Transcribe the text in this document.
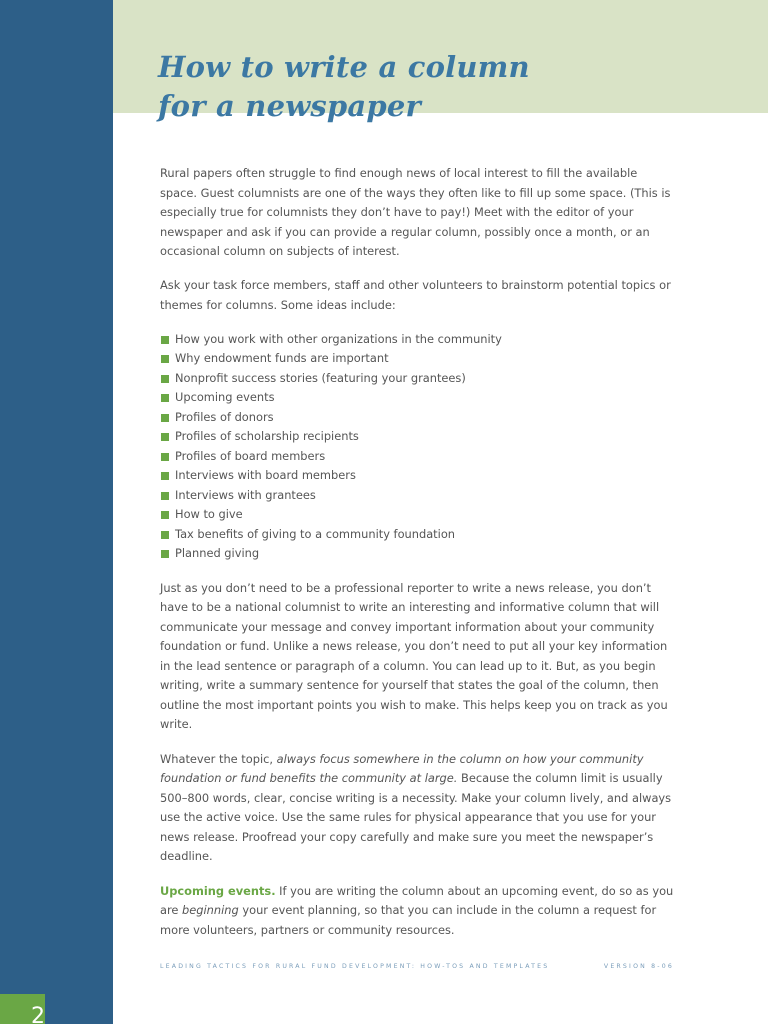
2
How to write a column
for a newspaper

Rural papers often struggle to find enough news of local interest to fill the available space. Guest columnists are one of the ways they often like to fill up some space. (This is especially true for columnists they don’t have to pay!) Meet with the editor of your newspaper and ask if you can provide a regular column, possibly once a month, or an occasional column on subjects of interest.

Ask your task force members, staff and other volunteers to brainstorm potential topics or themes for columns. Some ideas include:

How you work with other organizations in the community
Why endowment funds are important
Nonprofit success stories (featuring your grantees)
Upcoming events
Profiles of donors
Profiles of scholarship recipients
Profiles of board members
Interviews with board members
Interviews with grantees
How to give
Tax benefits of giving to a community foundation
Planned giving

Just as you don’t need to be a professional reporter to write a news release, you don’t have to be a national columnist to write an interesting and informative column that will communicate your message and convey important information about your community foundation or fund. Unlike a news release, you don’t need to put all your key information in the lead sentence or paragraph of a column. You can lead up to it. But, as you begin writing, write a summary sentence for yourself that states the goal of the column, then outline the most important points you wish to make. This helps keep you on track as you write.

Whatever the topic, always focus somewhere in the column on how your community foundation or fund benefits the community at large. Because the column limit is usually 500–800 words, clear, concise writing is a necessity. Make your column lively, and always use the active voice. Use the same rules for physical appearance that you use for your news release. Proofread your copy carefully and make sure you meet the newspaper’s deadline.

Upcoming events. If you are writing the column about an upcoming event, do so as you are beginning your event planning, so that you can include in the column a request for more volunteers, partners or community resources.

LEADING TACTICS FOR RURAL FUND DEVELOPMENT: HOW-TOS AND TEMPLATES	VERSION 8-06
